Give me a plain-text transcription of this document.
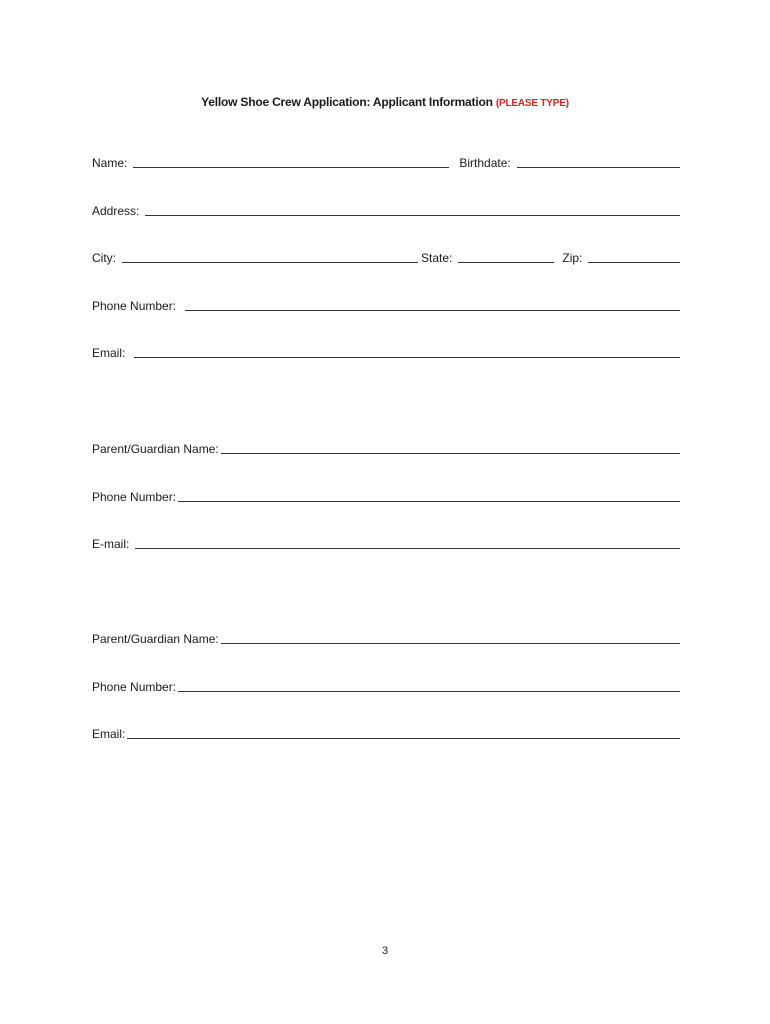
Yellow Shoe Crew Application: Applicant Information (PLEASE TYPE)
Name:	Birthdate:
Address:
City:	State:	Zip:
Phone Number:
Email:
Parent/Guardian Name:
Phone Number:
E-mail:
Parent/Guardian Name:
Phone Number:
Email:
3
